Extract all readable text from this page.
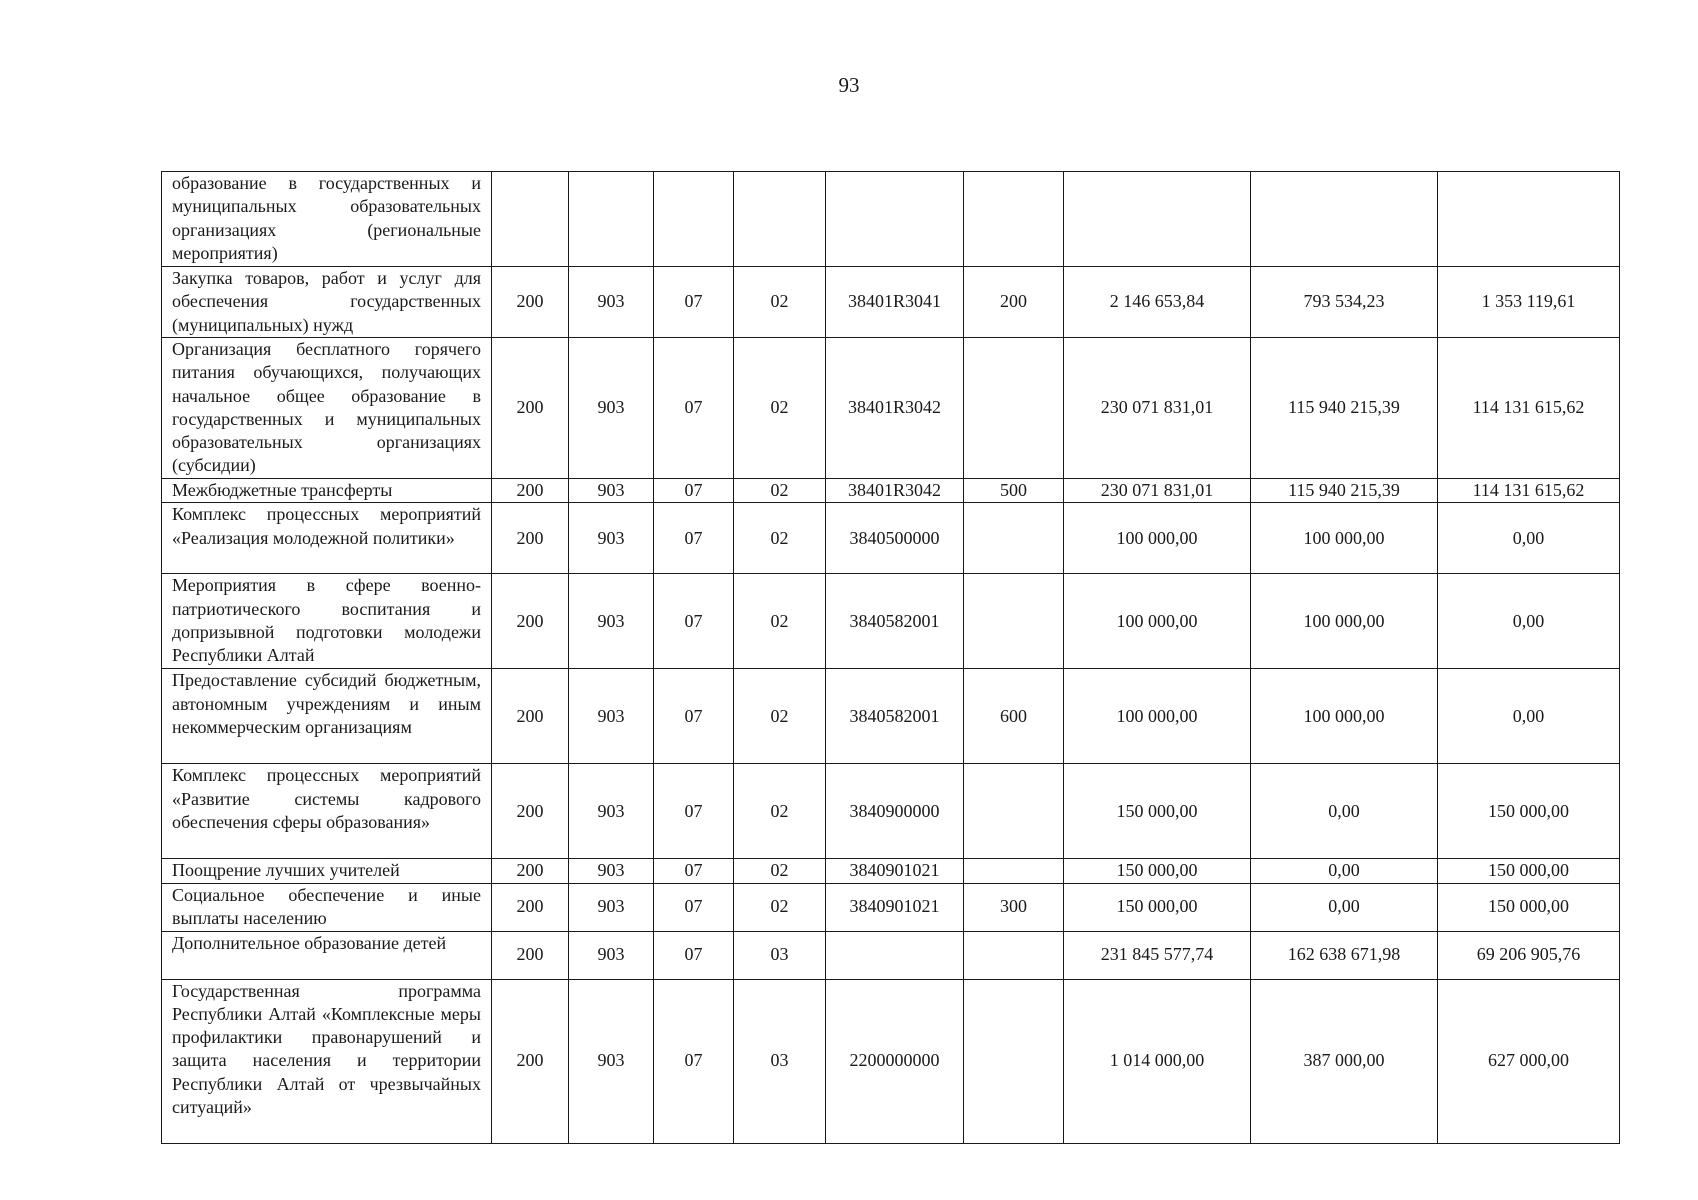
93
образование в государственных и муниципальных образовательных организациях (региональные мероприятия)									
Закупка товаров, работ и услуг для обеспечения государственных (муниципальных) нужд	200	903	07	02	38401R3041	200	2 146 653,84	793 534,23	1 353 119,61
Организация бесплатного горячего питания обучающихся, получающих начальное общее образование в государственных и муниципальных образовательных организациях (субсидии)	200	903	07	02	38401R3042		230 071 831,01	115 940 215,39	114 131 615,62
Межбюджетные трансферты	200	903	07	02	38401R3042	500	230 071 831,01	115 940 215,39	114 131 615,62
Комплекс процессных мероприятий «Реализация молодежной политики»	200	903	07	02	3840500000		100 000,00	100 000,00	0,00
Мероприятия в сфере военно-патриотического воспитания и допризывной подготовки молодежи Республики Алтай	200	903	07	02	3840582001		100 000,00	100 000,00	0,00
Предоставление субсидий бюджетным, автономным учреждениям и иным некоммерческим организациям	200	903	07	02	3840582001	600	100 000,00	100 000,00	0,00
Комплекс процессных мероприятий «Развитие системы кадрового обеспечения сферы образования»	200	903	07	02	3840900000		150 000,00	0,00	150 000,00
Поощрение лучших учителей	200	903	07	02	3840901021		150 000,00	0,00	150 000,00
Социальное обеспечение и иные выплаты населению	200	903	07	02	3840901021	300	150 000,00	0,00	150 000,00
Дополнительное образование детей	200	903	07	03			231 845 577,74	162 638 671,98	69 206 905,76
Государственная программа Республики Алтай «Комплексные меры профилактики правонарушений и защита населения и территории Республики Алтай от чрезвычайных ситуаций»	200	903	07	03	2200000000		1 014 000,00	387 000,00	627 000,00
